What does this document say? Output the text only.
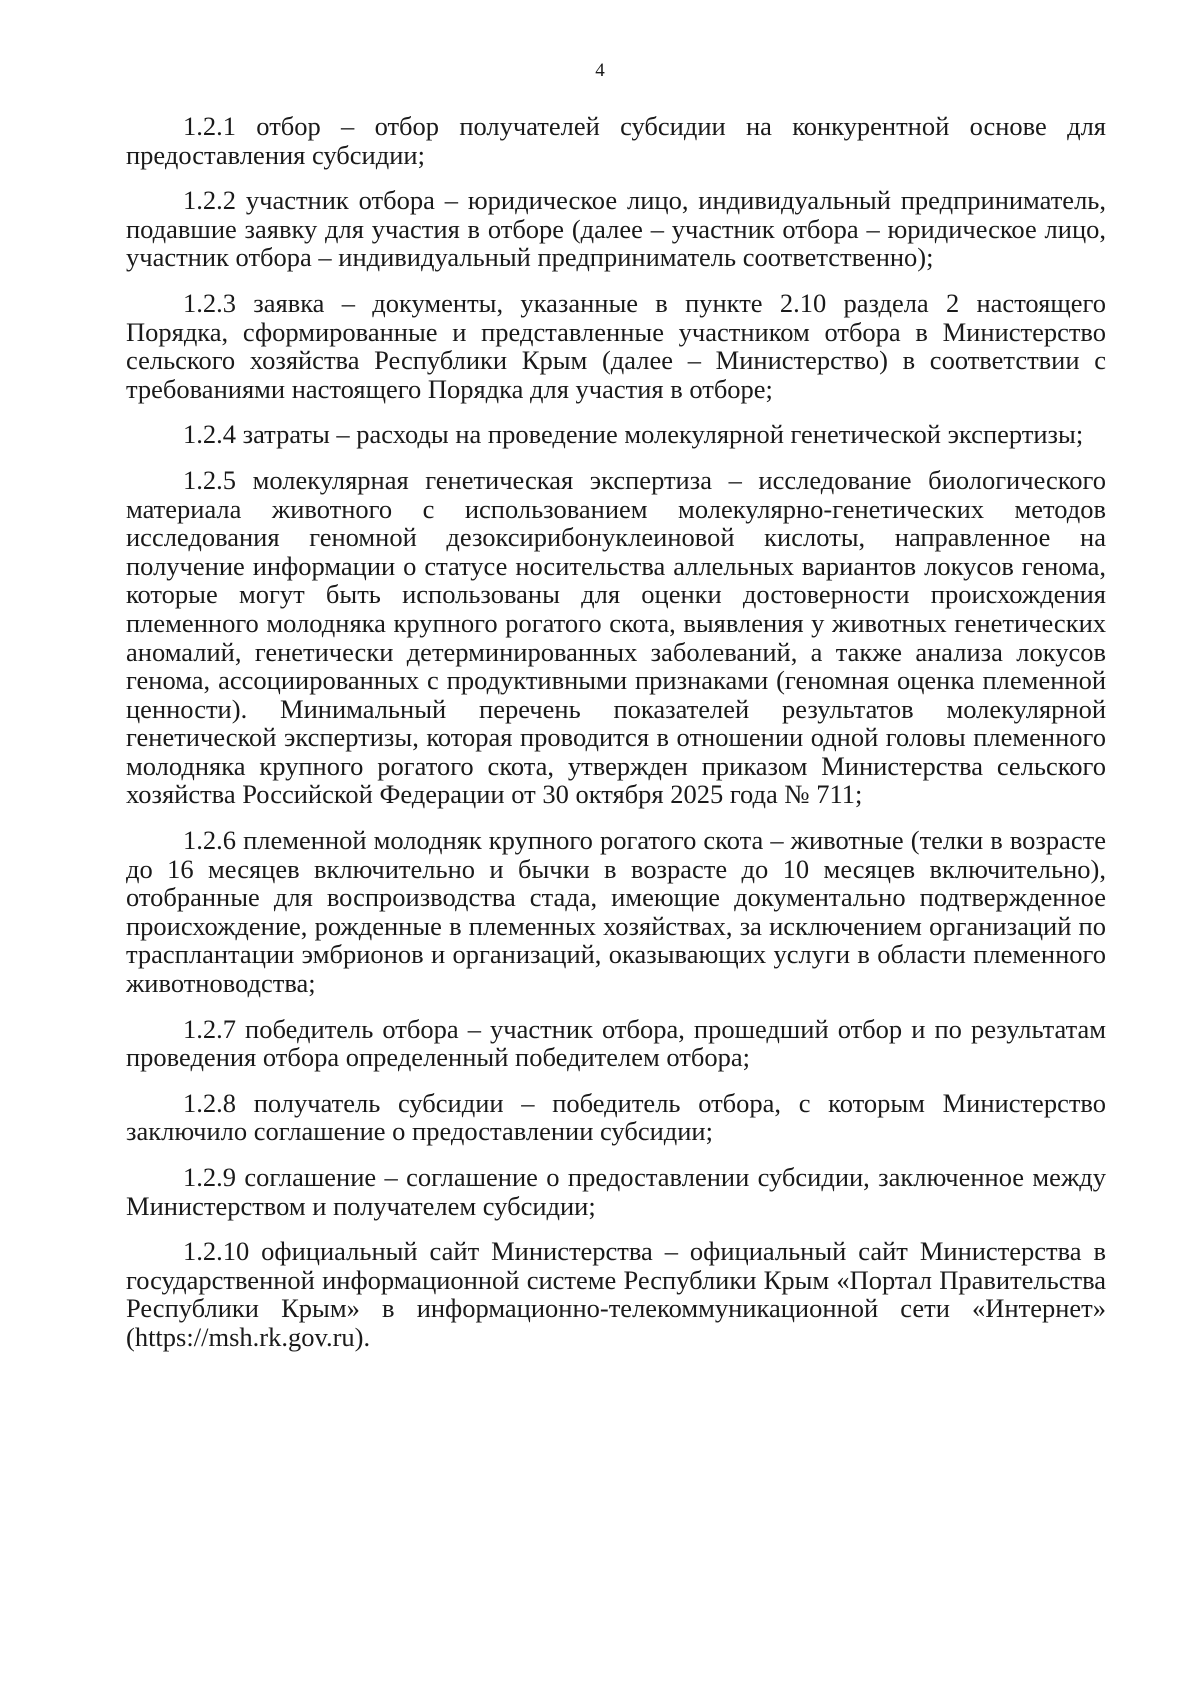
4

1.2.1 отбор – отбор получателей субсидии на конкурентной основе для предоставления субсидии;

1.2.2 участник отбора – юридическое лицо, индивидуальный предприниматель, подавшие заявку для участия в отборе (далее – участник отбора – юридическое лицо, участник отбора – индивидуальный предприниматель соответственно);

1.2.3 заявка – документы, указанные в пункте 2.10 раздела 2 настоящего Порядка, сформированные и представленные участником отбора в Министерство сельского хозяйства Республики Крым (далее – Министерство) в соответствии с требованиями настоящего Порядка для участия в отборе;

1.2.4 затраты – расходы на проведение молекулярной генетической экспертизы;

1.2.5 молекулярная генетическая экспертиза – исследование биологического материала животного с использованием молекулярно-генетических методов исследования геномной дезоксирибонуклеиновой кислоты, направленное на получение информации о статусе носительства аллельных вариантов локусов генома, которые могут быть использованы для оценки достоверности происхождения племенного молодняка крупного рогатого скота, выявления у животных генетических аномалий, генетически детерминированных заболеваний, а также анализа локусов генома, ассоциированных с продуктивными признаками (геномная оценка племенной ценности). Минимальный перечень показателей результатов молекулярной генетической экспертизы, которая проводится в отношении одной головы племенного молодняка крупного рогатого скота, утвержден приказом Министерства сельского хозяйства Российской Федерации от 30 октября 2025 года № 711;

1.2.6 племенной молодняк крупного рогатого скота – животные (телки в возрасте до 16 месяцев включительно и бычки в возрасте до 10 месяцев включительно), отобранные для воспроизводства стада, имеющие документально подтвержденное происхождение, рожденные в племенных хозяйствах, за исключением организаций по трасплантации эмбрионов и организаций, оказывающих услуги в области племенного животноводства;

1.2.7 победитель отбора – участник отбора, прошедший отбор и по результатам проведения отбора определенный победителем отбора;

1.2.8 получатель субсидии – победитель отбора, с которым Министерство заключило соглашение о предоставлении субсидии;

1.2.9 соглашение – соглашение о предоставлении субсидии, заключенное между Министерством и получателем субсидии;

1.2.10 официальный сайт Министерства – официальный сайт Министерства в государственной информационной системе Республики Крым «Портал Правительства Республики Крым» в информационно-телекоммуникационной сети «Интернет» (https://msh.rk.gov.ru).
